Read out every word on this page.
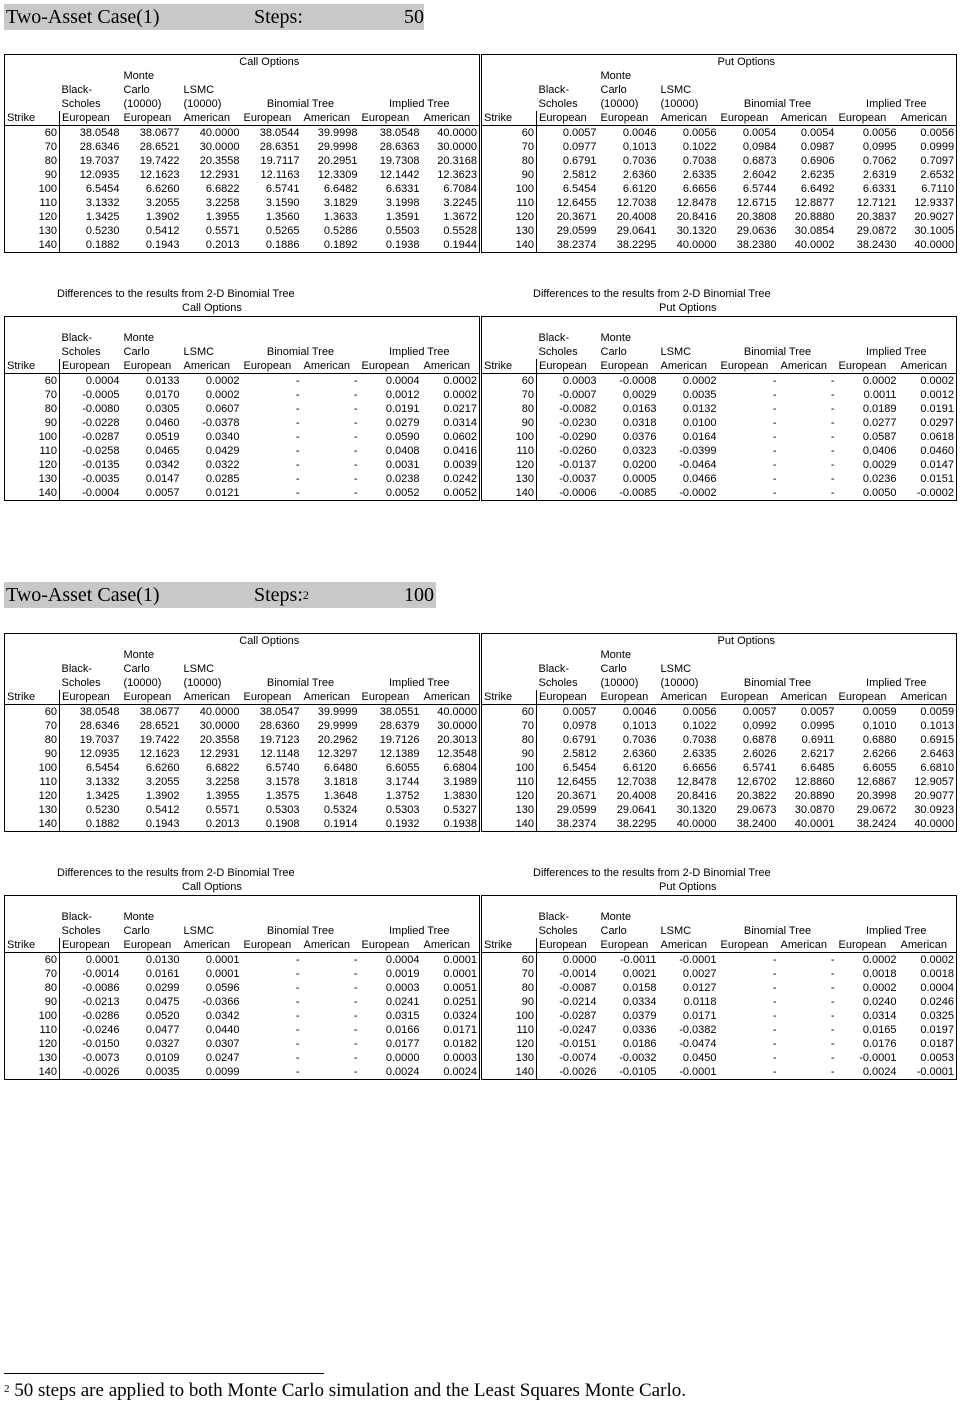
Two-Asset Case(1)	Steps:	50
	Call Options						
		Monte					
	Black-	Carlo	LSMC				
	Scholes	(10000)	(10000)	Binomial Tree		Implied Tree	
Strike	European	European	American	European	American	European	American
60	38.0548	38.0677	40.0000	38.0544	39.9998	38.0548	40.0000
70	28.6346	28.6521	30.0000	28.6351	29.9998	28.6363	30.0000
80	19.7037	19.7422	20.3558	19.7117	20.2951	19.7308	20.3168
90	12.0935	12.1623	12.2931	12.1163	12.3309	12.1442	12.3623
100	6.5454	6.6260	6.6822	6.5741	6.6482	6.6331	6.7084
110	3.1332	3.2055	3.2258	3.1590	3.1829	3.1998	3.2245
120	1.3425	1.3902	1.3955	1.3560	1.3633	1.3591	1.3672
130	0.5230	0.5412	0.5571	0.5265	0.5286	0.5503	0.5528
140	0.1882	0.1943	0.2013	0.1886	0.1892	0.1938	0.1944
	Put Options						
		Monte					
	Black-	Carlo	LSMC				
	Scholes	(10000)	(10000)	Binomial Tree		Implied Tree	
Strike	European	European	American	European	American	European	American
60	0.0057	0.0046	0.0056	0.0054	0.0054	0.0056	0.0056
70	0.0977	0.1013	0.1022	0.0984	0.0987	0.0995	0.0999
80	0.6791	0.7036	0.7038	0.6873	0.6906	0.7062	0.7097
90	2.5812	2.6360	2.6335	2.6042	2.6235	2.6319	2.6532
100	6.5454	6.6120	6.6656	6.5744	6.6492	6.6331	6.7110
110	12.6455	12.7038	12.8478	12.6715	12.8877	12.7121	12.9337
120	20.3671	20.4008	20.8416	20.3808	20.8880	20.3837	20.9027
130	29.0599	29.0641	30.1320	29.0636	30.0854	29.0872	30.1005
140	38.2374	38.2295	40.0000	38.2380	40.0002	38.2430	40.0000
Differences to the results from 2-D Binomial Tree
Call Options
Differences to the results from 2-D Binomial Tree
Put Options

	Black-	Monte					
	Scholes	Carlo	LSMC	Binomial Tree		Implied Tree	
Strike	European	European	American	European	American	European	American
60	0.0004	0.0133	0.0002	-	-	0.0004	0.0002
70	-0.0005	0.0170	0.0002	-	-	0.0012	0.0002
80	-0.0080	0.0305	0.0607	-	-	0.0191	0.0217
90	-0.0228	0.0460	-0.0378	-	-	0.0279	0.0314
100	-0.0287	0.0519	0.0340	-	-	0.0590	0.0602
110	-0.0258	0.0465	0.0429	-	-	0.0408	0.0416
120	-0.0135	0.0342	0.0322	-	-	0.0031	0.0039
130	-0.0035	0.0147	0.0285	-	-	0.0238	0.0242
140	-0.0004	0.0057	0.0121	-	-	0.0052	0.0052

	Black-	Monte					
	Scholes	Carlo	LSMC	Binomial Tree		Implied Tree	
Strike	European	European	American	European	American	European	American
60	0.0003	-0.0008	0.0002	-	-	0.0002	0.0002
70	-0.0007	0.0029	0.0035	-	-	0.0011	0.0012
80	-0.0082	0.0163	0.0132	-	-	0.0189	0.0191
90	-0.0230	0.0318	0.0100	-	-	0.0277	0.0297
100	-0.0290	0.0376	0.0164	-	-	0.0587	0.0618
110	-0.0260	0.0323	-0.0399	-	-	0.0406	0.0460
120	-0.0137	0.0200	-0.0464	-	-	0.0029	0.0147
130	-0.0037	0.0005	0.0466	-	-	0.0236	0.0151
140	-0.0006	-0.0085	-0.0002	-	-	0.0050	-0.0002
Two-Asset Case(1)	Steps:$^2$	100
	Call Options						
		Monte					
	Black-	Carlo	LSMC				
	Scholes	(10000)	(10000)	Binomial Tree		Implied Tree	
Strike	European	European	American	European	American	European	American
60	38.0548	38.0677	40.0000	38.0547	39.9999	38.0551	40.0000
70	28.6346	28.6521	30.0000	28.6360	29.9999	28.6379	30.0000
80	19.7037	19.7422	20.3558	19.7123	20.2962	19.7126	20.3013
90	12.0935	12.1623	12.2931	12.1148	12.3297	12.1389	12.3548
100	6.5454	6.6260	6.6822	6.5740	6.6480	6.6055	6.6804
110	3.1332	3.2055	3.2258	3.1578	3.1818	3.1744	3.1989
120	1.3425	1.3902	1.3955	1.3575	1.3648	1.3752	1.3830
130	0.5230	0.5412	0.5571	0.5303	0.5324	0.5303	0.5327
140	0.1882	0.1943	0.2013	0.1908	0.1914	0.1932	0.1938
	Put Options						
		Monte					
	Black-	Carlo	LSMC				
	Scholes	(10000)	(10000)	Binomial Tree		Implied Tree	
Strike	European	European	American	European	American	European	American
60	0.0057	0.0046	0.0056	0.0057	0.0057	0.0059	0.0059
70	0.0978	0.1013	0.1022	0.0992	0.0995	0.1010	0.1013
80	0.6791	0.7036	0.7038	0.6878	0.6911	0.6880	0.6915
90	2.5812	2.6360	2.6335	2.6026	2.6217	2.6266	2.6463
100	6.5454	6.6120	6.6656	6.5741	6.6485	6.6055	6.6810
110	12.6455	12.7038	12.8478	12.6702	12.8860	12.6867	12.9057
120	20.3671	20.4008	20.8416	20.3822	20.8890	20.3998	20.9077
130	29.0599	29.0641	30.1320	29.0673	30.0870	29.0672	30.0923
140	38.2374	38.2295	40.0000	38.2400	40.0001	38.2424	40.0000
Differences to the results from 2-D Binomial Tree
Call Options
Differences to the results from 2-D Binomial Tree
Put Options

	Black-	Monte					
	Scholes	Carlo	LSMC	Binomial Tree		Implied Tree	
Strike	European	European	American	European	American	European	American
60	0.0001	0.0130	0.0001	-	-	0.0004	0.0001
70	-0.0014	0.0161	0.0001	-	-	0.0019	0.0001
80	-0.0086	0.0299	0.0596	-	-	0.0003	0.0051
90	-0.0213	0.0475	-0.0366	-	-	0.0241	0.0251
100	-0.0286	0.0520	0.0342	-	-	0.0315	0.0324
110	-0.0246	0.0477	0.0440	-	-	0.0166	0.0171
120	-0.0150	0.0327	0.0307	-	-	0.0177	0.0182
130	-0.0073	0.0109	0.0247	-	-	0.0000	0.0003
140	-0.0026	0.0035	0.0099	-	-	0.0024	0.0024

	Black-	Monte					
	Scholes	Carlo	LSMC	Binomial Tree		Implied Tree	
Strike	European	European	American	European	American	European	American
60	0.0000	-0.0011	-0.0001	-	-	0.0002	0.0002
70	-0.0014	0.0021	0.0027	-	-	0.0018	0.0018
80	-0.0087	0.0158	0.0127	-	-	0.0002	0.0004
90	-0.0214	0.0334	0.0118	-	-	0.0240	0.0246
100	-0.0287	0.0379	0.0171	-	-	0.0314	0.0325
110	-0.0247	0.0336	-0.0382	-	-	0.0165	0.0197
120	-0.0151	0.0186	-0.0474	-	-	0.0176	0.0187
130	-0.0074	-0.0032	0.0450	-	-	-0.0001	0.0053
140	-0.0026	-0.0105	-0.0001	-	-	0.0024	-0.0001
$^2$ 50 steps are applied to both Monte Carlo simulation and the Least Squares Monte Carlo.
